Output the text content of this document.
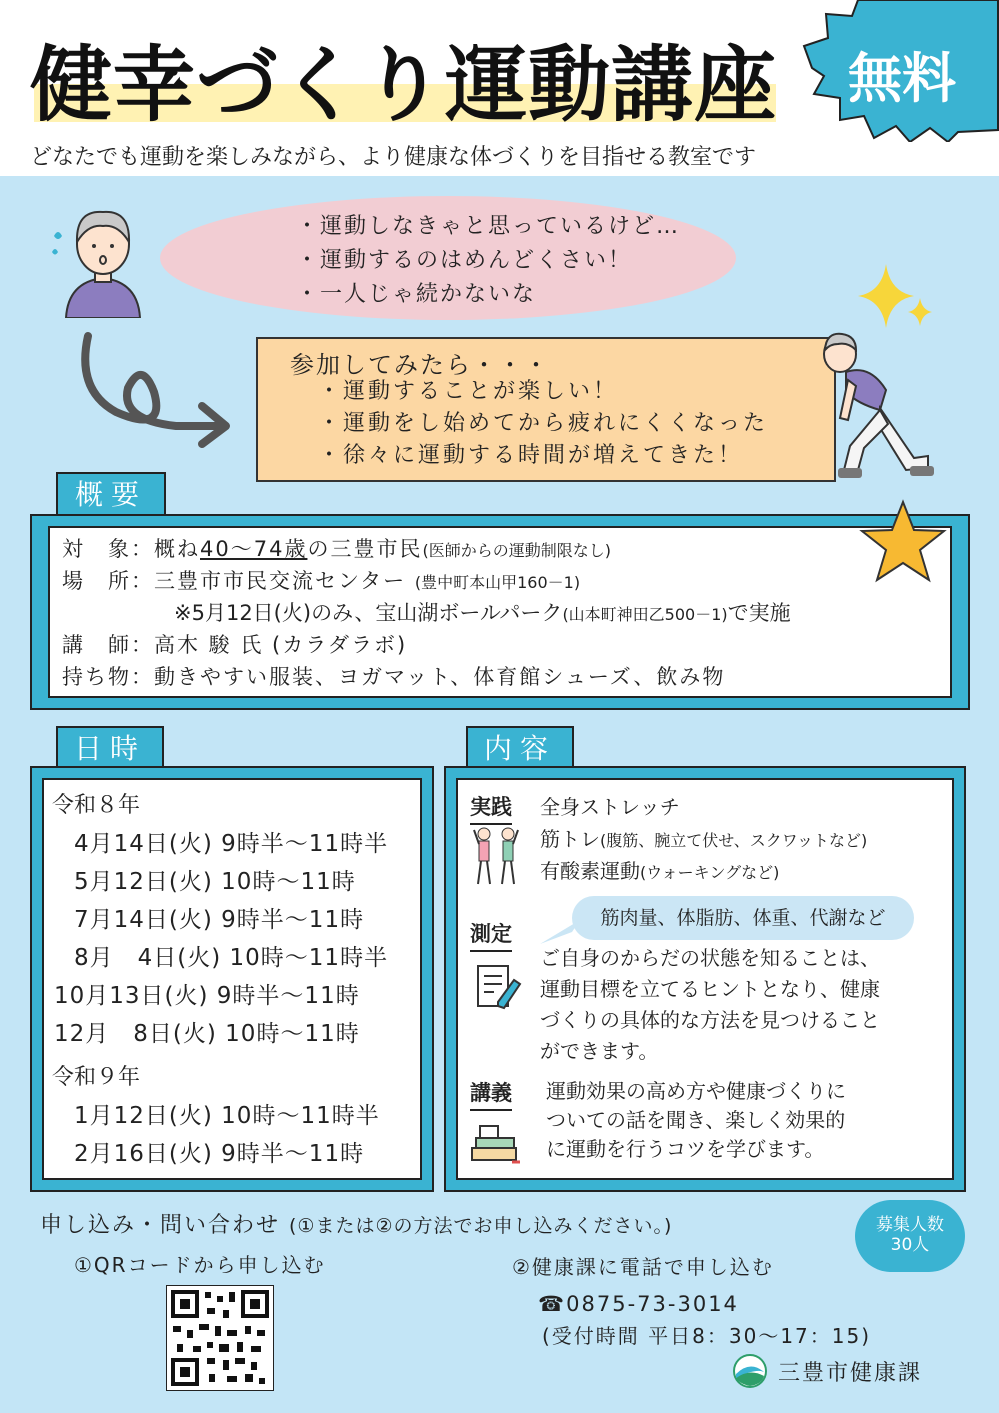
健幸づくり運動講座
どなたでも運動を楽しみながら、より健康な体づくりを目指せる教室です
無料
・運動しなきゃと思っているけど…
・運動するのはめんどくさい！
・一人じゃ続かないな
参加してみたら・・・
・運動することが楽しい！
・運動をし始めてから疲れにくくなった
・徐々に運動する時間が増えてきた！
概要
対　象：概ね40～74歳の三豊市民(医師からの運動制限なし)
場　所：三豊市市民交流センター (豊中町本山甲160－1)
※5月12日(火)のみ、宝山湖ボールパーク(山本町神田乙500－1)で実施
講　師：高木 駿 氏 (カラダラボ)
持ち物：動きやすい服装、ヨガマット、体育館シューズ、飲み物
日時
令和８年
4月14日(火) 9時半～11時半
5月12日(火) 10時～11時
7月14日(火) 9時半～11時
8月　4日(火) 10時～11時半
10月13日(火) 9時半～11時
12月　8日(火) 10時～11時
令和９年
1月12日(火) 10時～11時半
2月16日(火) 9時半～11時
内容
実践 全身ストレッチ
筋トレ(腹筋、腕立て伏せ、スクワットなど)
有酸素運動(ウォーキングなど)
筋肉量、体脂肪、体重、代謝など
測定
ご自身のからだの状態を知ることは、
運動目標を立てるヒントとなり、健康
づくりの具体的な方法を見つけること
ができます。
講義 運動効果の高め方や健康づくりに
ついての話を聞き、楽しく効果的
に運動を行うコツを学びます。
申し込み・問い合わせ (①または②の方法でお申し込みください。)	募集人数
30人
①QRコードから申し込む	②健康課に電話で申し込む
☎0875-73-3014
(受付時間 平日8：30～17：15)
三豊市健康課
